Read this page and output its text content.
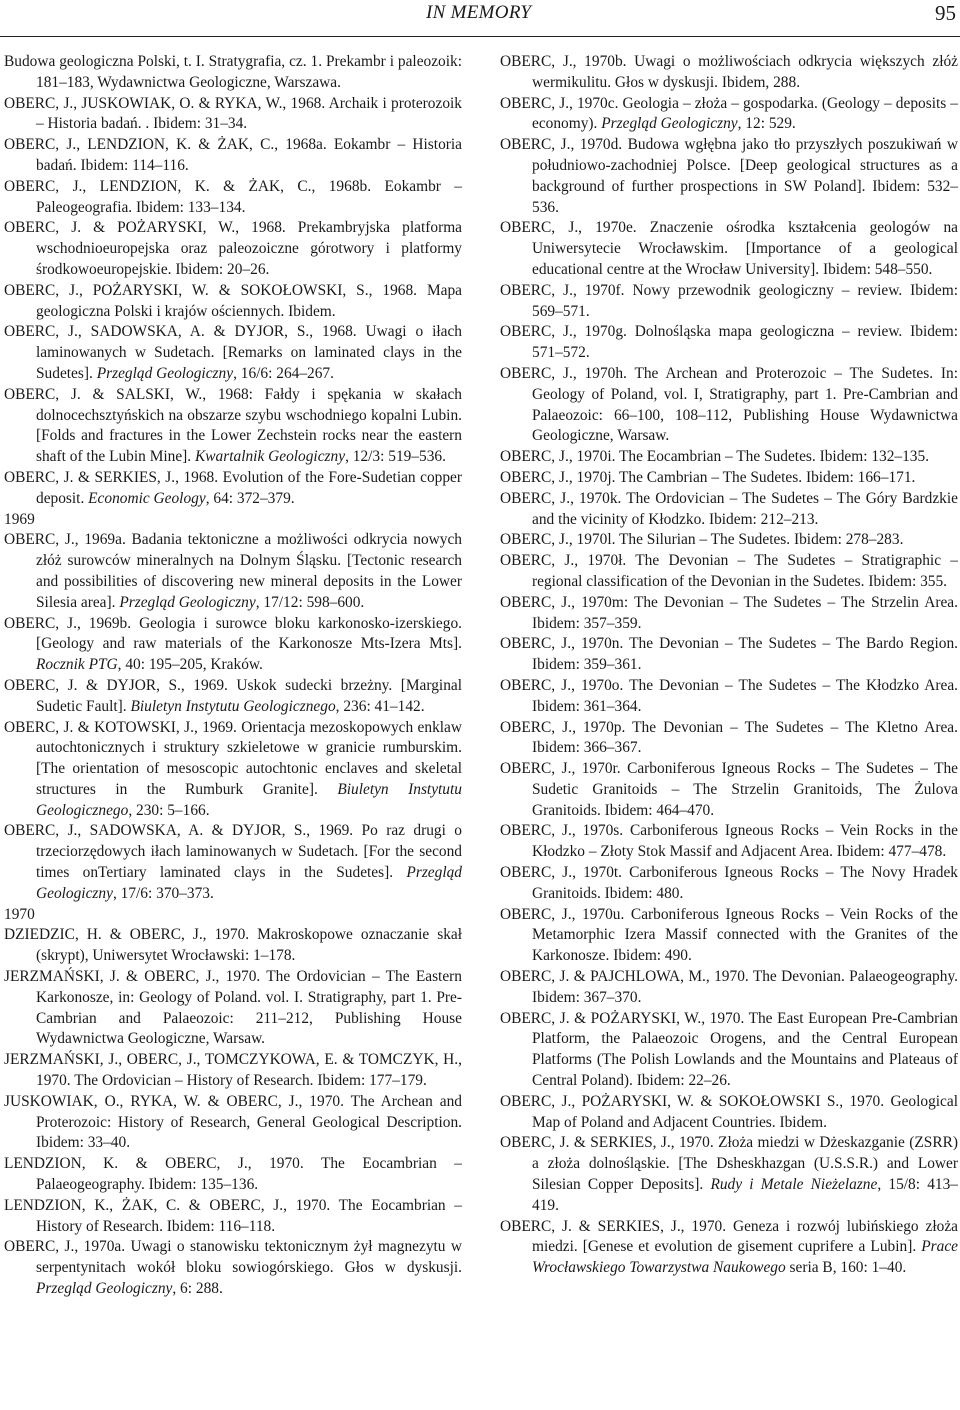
IN MEMORY	95

Budowa geologiczna Polski, t. I. Stratygrafia, cz. 1. Prekambr i paleozoik: 181–183, Wydawnictwa Geologiczne, Warszawa.

OBERC, J., JUSKOWIAK, O. & RYKA, W., 1968. Archaik i proterozoik – Historia badań. . Ibidem: 31–34.

OBERC, J., LENDZION, K. & ŻAK, C., 1968a. Eokambr – Historia badań. Ibidem: 114–116.

OBERC, J., LENDZION, K. & ŻAK, C., 1968b. Eokambr – Paleogeografia. Ibidem: 133–134.

OBERC, J. & POŻARYSKI, W., 1968. Prekambryjska platforma wschodnioeuropejska oraz paleozoiczne górotwory i platformy środkowoeuropejskie. Ibidem: 20–26.

OBERC, J., POŻARYSKI, W. & SOKOŁOWSKI, S., 1968. Mapa geologiczna Polski i krajów ościennych. Ibidem.

OBERC, J., SADOWSKA, A. & DYJOR, S., 1968. Uwagi o iłach laminowanych w Sudetach. [Remarks on laminated clays in the Sudetes]. Przegląd Geologiczny, 16/6: 264–267.

OBERC, J. & SALSKI, W., 1968: Fałdy i spękania w skałach dolnocechsztyńskich na obszarze szybu wschodniego kopalni Lubin. [Folds and fractures in the Lower Zechstein rocks near the eastern shaft of the Lubin Mine]. Kwartalnik Geologiczny, 12/3: 519–536.

OBERC, J. & SERKIES, J., 1968. Evolution of the Fore-Sudetian copper deposit. Economic Geology, 64: 372–379.

1969

OBERC, J., 1969a. Badania tektoniczne a możliwości odkrycia nowych złóż surowców mineralnych na Dolnym Śląsku. [Tectonic research and possibilities of discovering new mineral deposits in the Lower Silesia area]. Przegląd Geologiczny, 17/12: 598–600.

OBERC, J., 1969b. Geologia i surowce bloku karkonosko-izerskiego. [Geology and raw materials of the Karkonosze Mts-Izera Mts]. Rocznik PTG, 40: 195–205, Kraków.

OBERC, J. & DYJOR, S., 1969. Uskok sudecki brzeżny. [Marginal Sudetic Fault]. Biuletyn Instytutu Geologicznego, 236: 41–142.

OBERC, J. & KOTOWSKI, J., 1969. Orientacja mezoskopowych enklaw autochtonicznych i struktury szkieletowe w granicie rumburskim. [The orientation of mesoscopic autochtonic enclaves and skeletal structures in the Rumburk Granite]. Biuletyn Instytutu Geologicznego, 230: 5–166.

OBERC, J., SADOWSKA, A. & DYJOR, S., 1969. Po raz drugi o trzeciorzędowych iłach laminowanych w Sudetach. [For the second times onTertiary laminated clays in the Sudetes]. Przegląd Geologiczny, 17/6: 370–373.

1970

DZIEDZIC, H. & OBERC, J., 1970. Makroskopowe oznaczanie skał (skrypt), Uniwersytet Wrocławski: 1–178.

JERZMAŃSKI, J. & OBERC, J., 1970. The Ordovician – The Eastern Karkonosze, in: Geology of Poland. vol. I. Stratigraphy, part 1. Pre-Cambrian and Palaeozoic: 211–212, Publishing House Wydawnictwa Geologiczne, Warsaw.

JERZMAŃSKI, J., OBERC, J., TOMCZYKOWA, E. & TOMCZYK, H., 1970. The Ordovician – History of Research. Ibidem: 177–179.

JUSKOWIAK, O., RYKA, W. & OBERC, J., 1970. The Archean and Proterozoic: History of Research, General Geological Description. Ibidem: 33–40.

LENDZION, K. & OBERC, J., 1970. The Eocambrian – Palaeogeography. Ibidem: 135–136.

LENDZION, K., ŻAK, C. & OBERC, J., 1970. The Eocambrian – History of Research. Ibidem: 116–118.

OBERC, J., 1970a. Uwagi o stanowisku tektonicznym żył magnezytu w serpentynitach wokół bloku sowiogórskiego. Głos w dyskusji. Przegląd Geologiczny, 6: 288.

OBERC, J., 1970b. Uwagi o możliwościach odkrycia większych złóż wermikulitu. Głos w dyskusji. Ibidem, 288.

OBERC, J., 1970c. Geologia – złoża – gospodarka. (Geology – deposits – economy). Przegląd Geologiczny, 12: 529.

OBERC, J., 1970d. Budowa wgłębna jako tło przyszłych poszukiwań w południowo-zachodniej Polsce. [Deep geological structures as a background of further prospections in SW Poland]. Ibidem: 532–536.

OBERC, J., 1970e. Znaczenie ośrodka kształcenia geologów na Uniwersytecie Wrocławskim. [Importance of a geological educational centre at the Wrocław University]. Ibidem: 548–550.

OBERC, J., 1970f. Nowy przewodnik geologiczny – review. Ibidem: 569–571.

OBERC, J., 1970g. Dolnośląska mapa geologiczna – review. Ibidem: 571–572.

OBERC, J., 1970h. The Archean and Proterozoic – The Sudetes. In: Geology of Poland, vol. I, Stratigraphy, part 1. Pre-Cambrian and Palaeozoic: 66–100, 108–112, Publishing House Wydawnictwa Geologiczne, Warsaw.

OBERC, J., 1970i. The Eocambrian – The Sudetes. Ibidem: 132–135.

OBERC, J., 1970j. The Cambrian – The Sudetes. Ibidem: 166–171.

OBERC, J., 1970k. The Ordovician – The Sudetes – The Góry Bardzkie and the vicinity of Kłodzko. Ibidem: 212–213.

OBERC, J., 1970l. The Silurian – The Sudetes. Ibidem: 278–283.

OBERC, J., 1970ł. The Devonian – The Sudetes – Stratigraphic – regional classification of the Devonian in the Sudetes. Ibidem: 355.

OBERC, J., 1970m: The Devonian – The Sudetes – The Strzelin Area. Ibidem: 357–359.

OBERC, J., 1970n. The Devonian – The Sudetes – The Bardo Region. Ibidem: 359–361.

OBERC, J., 1970o. The Devonian – The Sudetes – The Kłodzko Area. Ibidem: 361–364.

OBERC, J., 1970p. The Devonian – The Sudetes – The Kletno Area. Ibidem: 366–367.

OBERC, J., 1970r. Carboniferous Igneous Rocks – The Sudetes – The Sudetic Granitoids – The Strzelin Granitoids, The Żulova Granitoids. Ibidem: 464–470.

OBERC, J., 1970s. Carboniferous Igneous Rocks – Vein Rocks in the Kłodzko – Złoty Stok Massif and Adjacent Area. Ibidem: 477–478.

OBERC, J., 1970t. Carboniferous Igneous Rocks – The Novy Hradek Granitoids. Ibidem: 480.

OBERC, J., 1970u. Carboniferous Igneous Rocks – Vein Rocks of the Metamorphic Izera Massif connected with the Granites of the Karkonosze. Ibidem: 490.

OBERC, J. & PAJCHLOWA, M., 1970. The Devonian. Palaeogeography. Ibidem: 367–370.

OBERC, J. & POŻARYSKI, W., 1970. The East European Pre-Cambrian Platform, the Palaeozoic Orogens, and the Central European Platforms (The Polish Lowlands and the Mountains and Plateaus of Central Poland). Ibidem: 22–26.

OBERC, J., POŻARYSKI, W. & SOKOŁOWSKI S., 1970. Geological Map of Poland and Adjacent Countries. Ibidem.

OBERC, J. & SERKIES, J., 1970. Złoża miedzi w Dżeskazganie (ZSRR) a złoża dolnośląskie. [The Dsheskhazgan (U.S.S.R.) and Lower Silesian Copper Deposits]. Rudy i Metale Nieżelazne, 15/8: 413–419.

OBERC, J. & SERKIES, J., 1970. Geneza i rozwój lubińskiego złoża miedzi. [Genese et evolution de gisement cuprifere a Lubin]. Prace Wrocławskiego Towarzystwa Naukowego seria B, 160: 1–40.
